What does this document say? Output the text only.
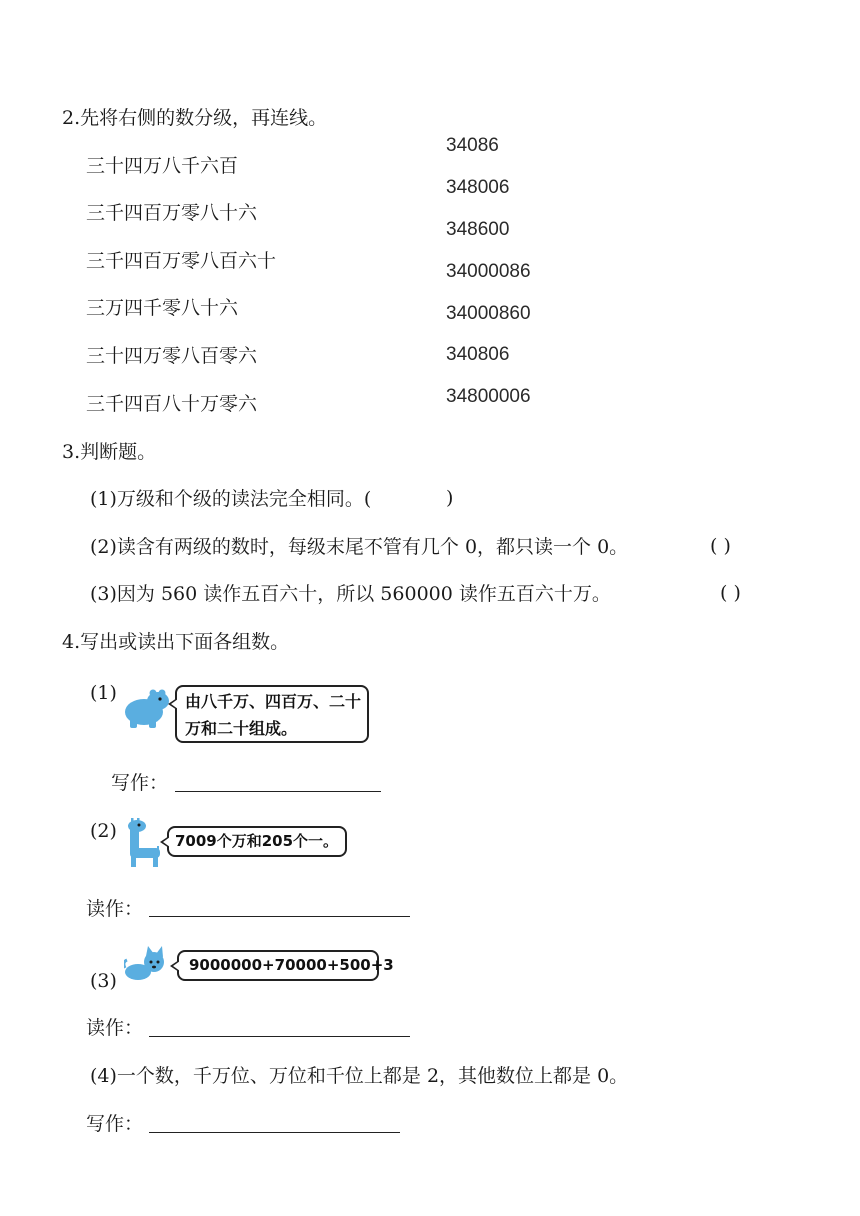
2.先将右侧的数分级，再连线。
三十四万八千六百
三千四百万零八十六
三千四百万零八百六十
三万四千零八十六
三十四万零八百零六
三千四百八十万零六
34086
348006
348600
34000086
34000860
340806
34800006
3.判断题。
(1)万级和个级的读法完全相同。(	)
(2)读含有两级的数时，每级末尾不管有几个 0，都只读一个 0。	( )
(3)因为 560 读作五百六十，所以 560000 读作五百六十万。	( )
4.写出或读出下面各组数。
(1)	由八千万、四百万、二十
万和二十组成。
写作：
(2)	7009个万和205个一。
读作：
9000000+70000+500+3
(3)
读作：
(4)一个数，千万位、万位和千位上都是 2，其他数位上都是 0。
写作：
